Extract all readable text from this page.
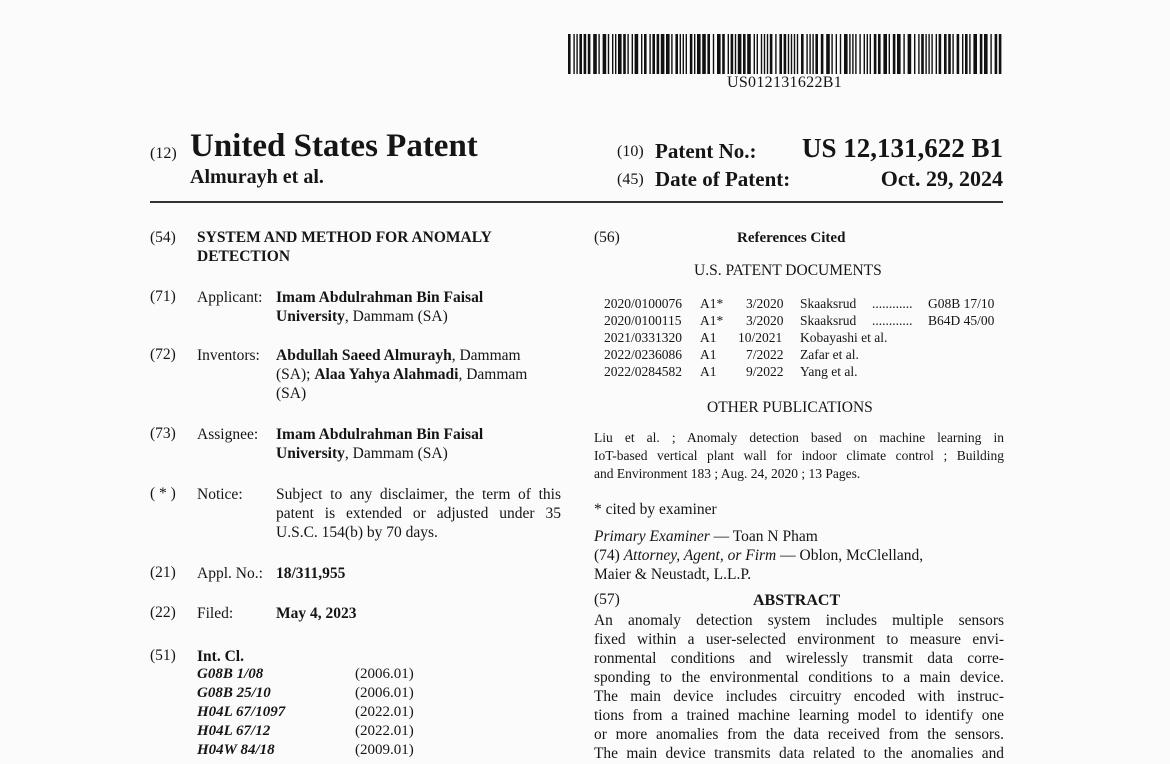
US012131622B1
(12) United States Patent
Almurayh et al.
(10) Patent No.: US 12,131,622 B1
(45) Date of Patent:	Oct. 29, 2024
(54) SYSTEM AND METHOD FOR ANOMALY
DETECTION
(71) Applicant: Imam Abdulrahman Bin Faisal
University, Dammam (SA)
(72) Inventors: Abdullah Saeed Almurayh, Dammam
(SA); Alaa Yahya Alahmadi, Dammam
(SA)
(73) Assignee: Imam Abdulrahman Bin Faisal
University, Dammam (SA)
( * ) Notice: Subject to any disclaimer, the term of this
patent is extended or adjusted under 35
U.S.C. 154(b) by 70 days.
(21) Appl. No.: 18/311,955
(22) Filed:	May 4, 2023
(51) Int. Cl.
G08B 1/08	(2006.01)
G08B 25/10	(2006.01)
H04L 67/1097	(2022.01)
H04L 67/12	(2022.01)
H04W 84/18	(2009.01)
(56)	References Cited
U.S. PATENT DOCUMENTS
2020/0100076 A1* 3/2020 Skaaksrud ............ G08B 17/10
2020/0100115 A1* 3/2020 Skaaksrud ............ B64D 45/00
2021/0331320 A1 10/2021 Kobayashi et al.
2022/0236086 A1 7/2022 Zafar et al.
2022/0284582 A1 9/2022 Yang et al.
OTHER PUBLICATIONS
Liu et al. ; Anomaly detection based on machine learning in
IoT-based vertical plant wall for indoor climate control ; Building
and Environment 183 ; Aug. 24, 2020 ; 13 Pages.
* cited by examiner
Primary Examiner — Toan N Pham
(74) Attorney, Agent, or Firm — Oblon, McClelland,
Maier & Neustadt, L.L.P.
(57)	ABSTRACT
An anomaly detection system includes multiple sensors
fixed within a user-selected environment to measure envi-
ronmental conditions and wirelessly transmit data corre-
sponding to the environmental conditions to a main device.
The main device includes circuitry encoded with instruc-
tions from a trained machine learning model to identify one
or more anomalies from the data received from the sensors.
The main device transmits data related to the anomalies and
